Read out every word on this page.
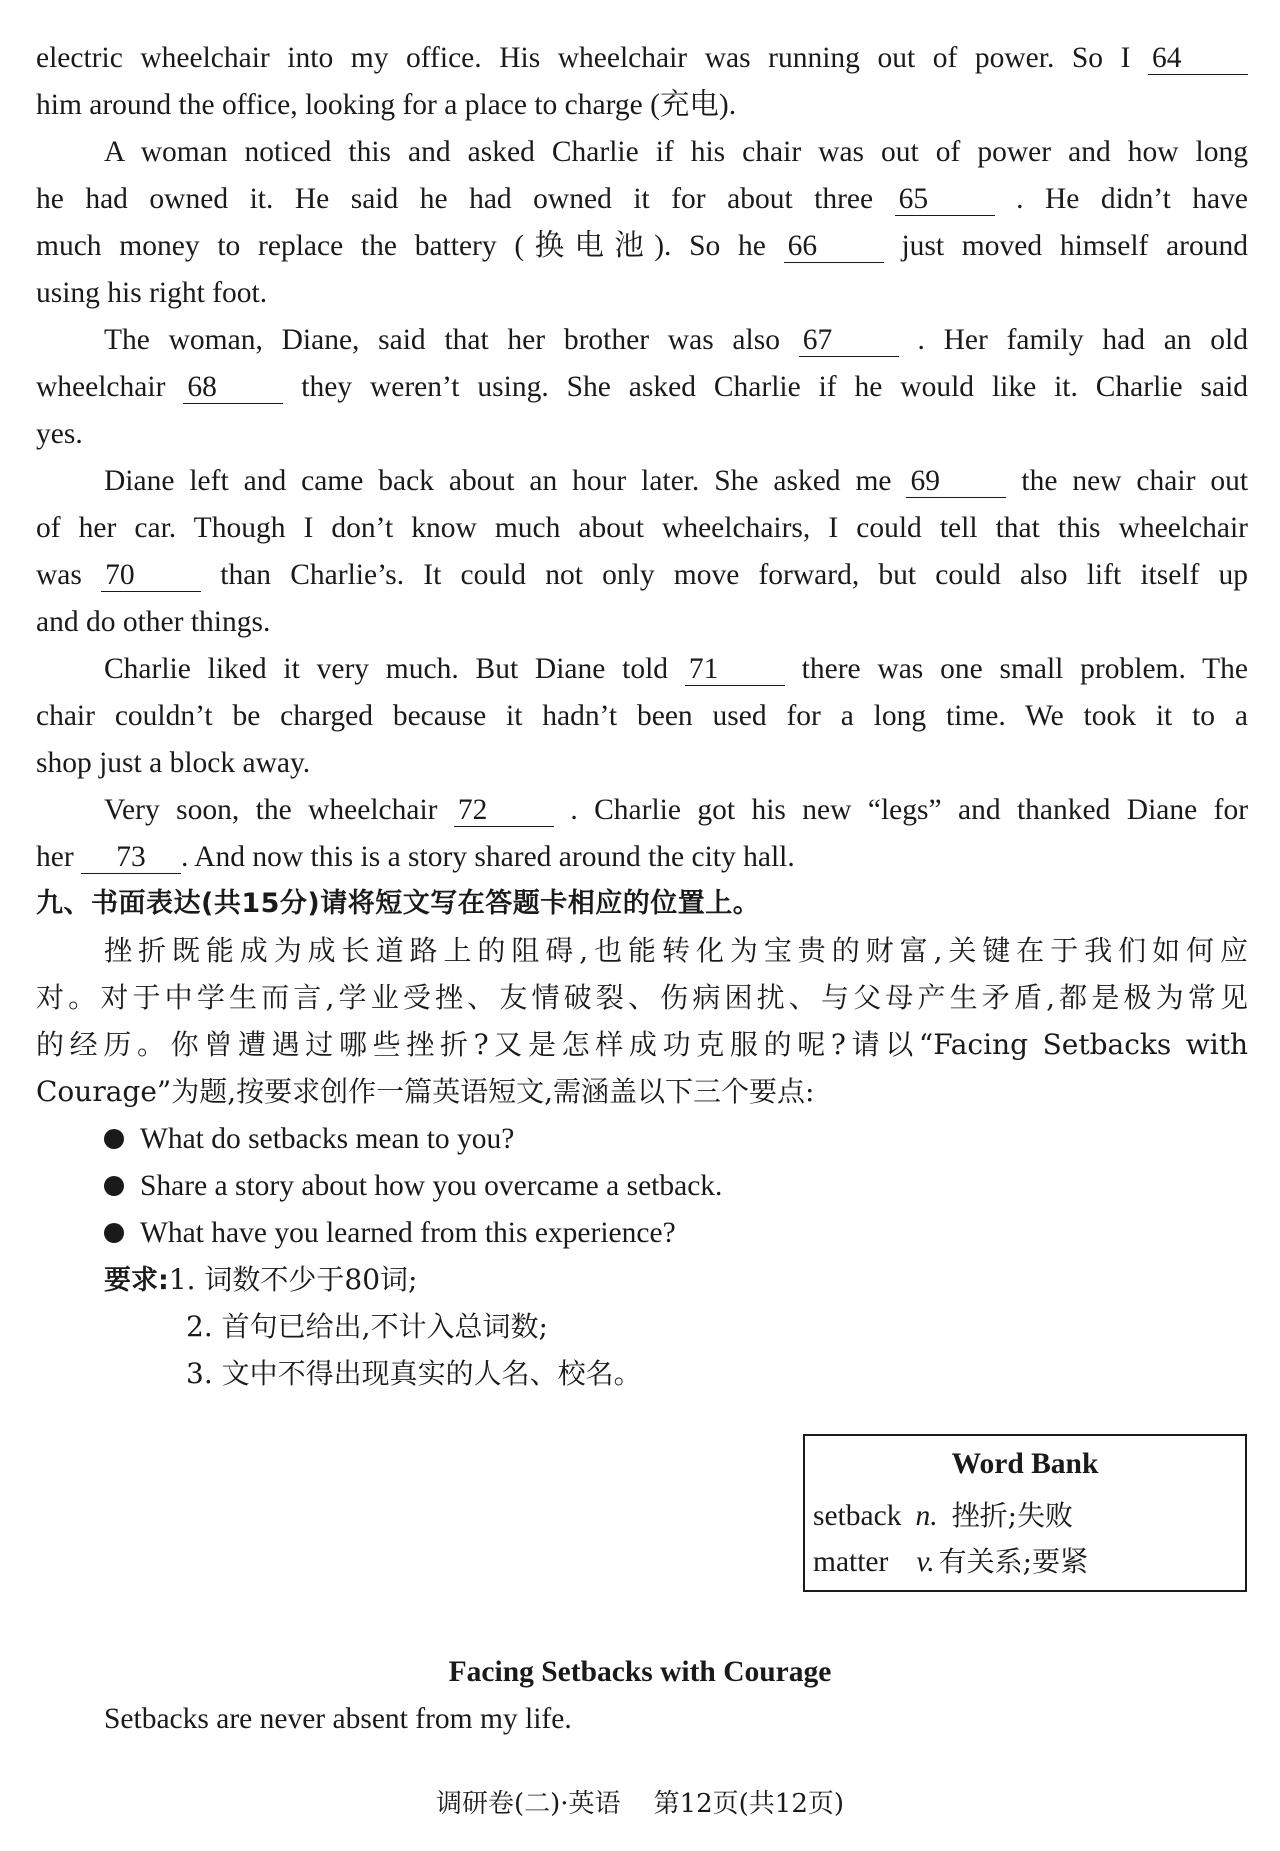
electric wheelchair into my office. His wheelchair was running out of power. So I 64
him around the office, looking for a place to charge (充电).
A woman noticed this and asked Charlie if his chair was out of power and how long
he had owned it. He said he had owned it for about three 65	. He didn’t have
much money to replace the battery (换电池). So he 66	just moved himself around
using his right foot.
The woman, Diane, said that her brother was also 67	. Her family had an old
wheelchair 68	they weren’t using. She asked Charlie if he would like it. Charlie said
yes.
Diane left and came back about an hour later. She asked me 69	the new chair out
of her car. Though I don’t know much about wheelchairs, I could tell that this wheelchair
was 70	than Charlie’s. It could not only move forward, but could also lift itself up
and do other things.
Charlie liked it very much. But Diane told 71	there was one small problem. The
chair couldn’t be charged because it hadn’t been used for a long time. We took it to a
shop just a block away.
Very soon, the wheelchair 72	. Charlie got his new “legs” and thanked Diane for
her 73 . And now this is a story shared around the city hall.
九、书面表达(共15分)请将短文写在答题卡相应的位置上。
挫折既能成为成长道路上的阻碍,也能转化为宝贵的财富,关键在于我们如何应
对。对于中学生而言,学业受挫、友情破裂、伤病困扰、与父母产生矛盾,都是极为常见
的经历。你曾遭遇过哪些挫折?又是怎样成功克服的呢?请以“Facing Setbacks with
Courage”为题,按要求创作一篇英语短文,需涵盖以下三个要点:
What do setbacks mean to you?
Share a story about how you overcame a setback.
What have you learned from this experience?
要求:1. 词数不少于80词;
2. 首句已给出,不计入总词数;
3. 文中不得出现真实的人名、校名。
Word Bank
setback n. 挫折;失败
matter v. 有关系;要紧
Facing Setbacks with Courage
Setbacks are never absent from my life.
调研卷(二)·英语    第12页(共12页)
